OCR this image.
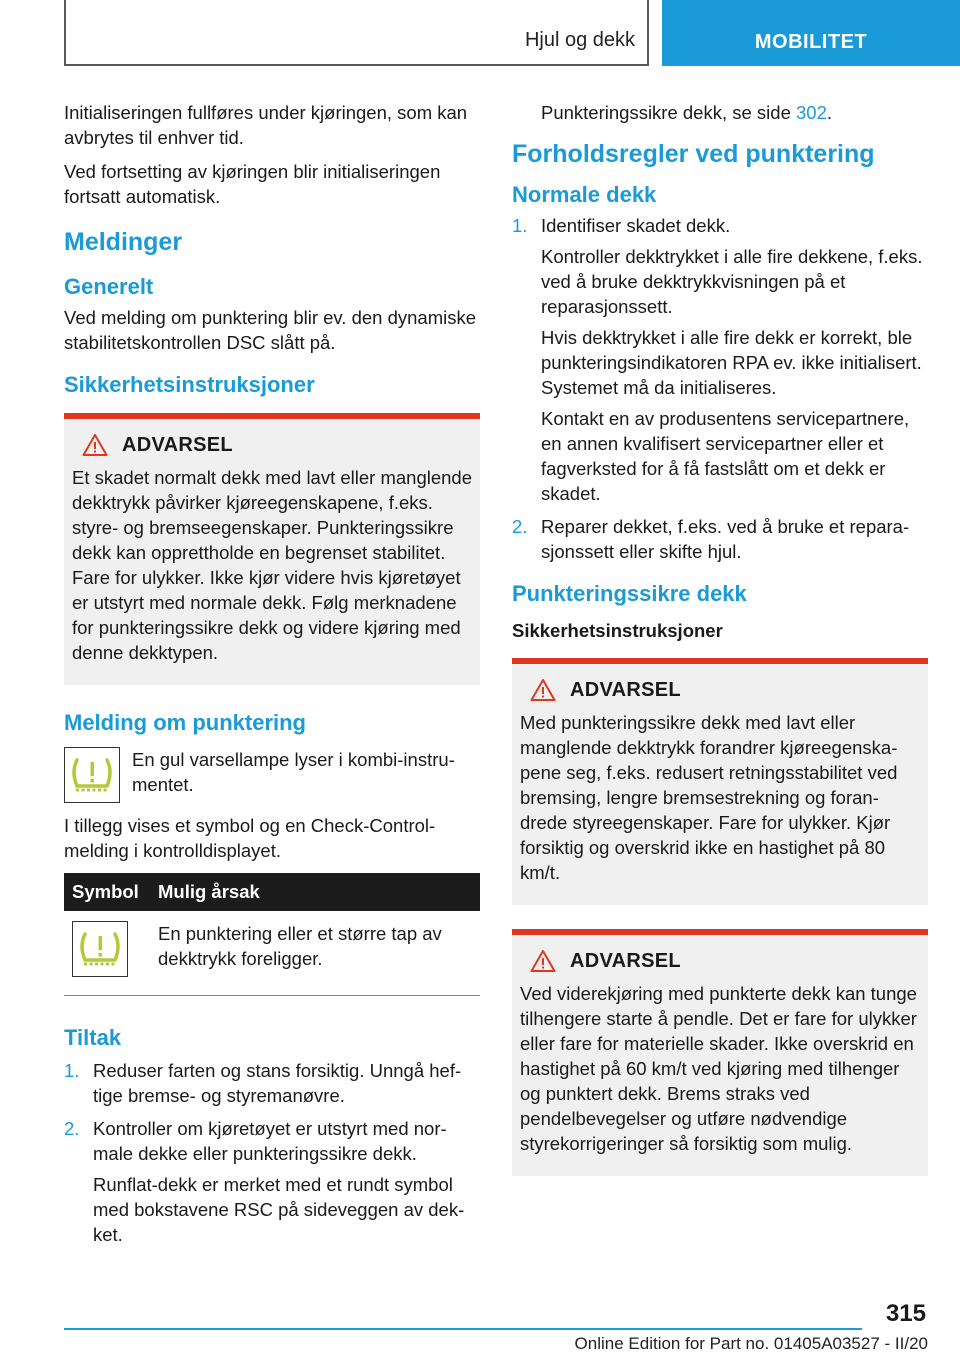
Hjul og dekk	MOBILITET

Initialiseringen fullføres under kjøringen, som kan avbrytes til enhver tid.

Ved fortsetting av kjøringen blir initialiseringen fortsatt automatisk.

Meldinger
Generelt

Ved melding om punktering blir ev. den dynamiske stabilitetskontrollen DSC slått på.

Sikkerhetsinstruksjoner
ADVARSEL
Et skadet normalt dekk med lavt eller manglende dekktrykk påvirker kjøreegenskapene, f.eks. styre- og bremseegenskaper. Punkteringssikre dekk kan opprettholde en begrenset stabilitet. Fare for ulykker. Ikke kjør videre hvis kjøretøyet er utstyrt med normale dekk. Følg merknadene for punkteringssikre dekk og videre kjøring med denne dekktypen.
Melding om punktering
En gul varsellampe lyser i kombi-instrumentet.

I tillegg vises et symbol og en Check-Control-melding i kontrolldisplayet.

Symbol	Mulig årsak

	En punktering eller et større tap av dekktrykk foreligger.
Tiltak
1. Reduser farten og stans forsiktig. Unngå heftige bremse- og styremanøvre.
2. Kontroller om kjøretøyet er utstyrt med normale dekke eller punkteringssikre dekk.
Runflat-dekk er merket med et rundt symbol med bokstavene RSC på sideveggen av dekket.

Punkteringssikre dekk, se side 302.

Forholdsregler ved punktering
Normale dekk
1. Identifiser skadet dekk.
Kontroller dekktrykket i alle fire dekkene, f.eks. ved å bruke dekktrykkvisningen på et reparasjonssett.
Hvis dekktrykket i alle fire dekk er korrekt, ble punkteringsindikatoren RPA ev. ikke initialisert. Systemet må da initialiseres.
Kontakt en av produsentens servicepartnere, en annen kvalifisert servicepartner eller et fagverksted for å få fastslått om et dekk er skadet.
2. Reparer dekket, f.eks. ved å bruke et reparasjonssett eller skifte hjul.
Punkteringssikre dekk
Sikkerhetsinstruksjoner
ADVARSEL
Med punkteringssikre dekk med lavt eller manglende dekktrykk forandrer kjøreegenskapene seg, f.eks. redusert retningsstabilitet ved bremsing, lengre bremsestrekning og forandrede styreegenskaper. Fare for ulykker. Kjør forsiktig og overskrid ikke en hastighet på 80 km/t.
ADVARSEL
Ved viderekjøring med punkterte dekk kan tunge tilhengere starte å pendle. Det er fare for ulykker eller fare for materielle skader. Ikke overskrid en hastighet på 60 km/t ved kjøring med tilhenger og punktert dekk. Brems straks ved pendelbevegelser og utføre nødvendige styrekorrigeringer så forsiktig som mulig.
315
Online Edition for Part no. 01405A03527 - II/20
